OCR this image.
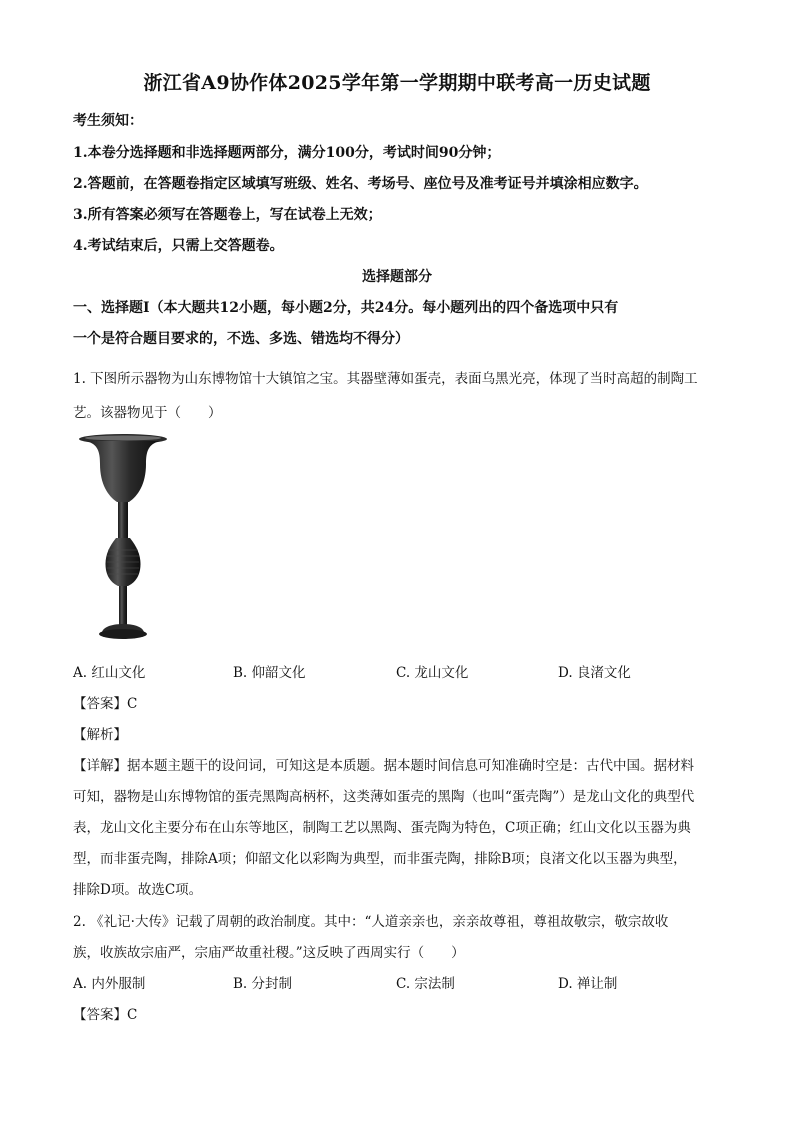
浙江省A9协作体2025学年第一学期期中联考高一历史试题
考生须知：
1.本卷分选择题和非选择题两部分，满分100分，考试时间90分钟；
2.答题前，在答题卷指定区域填写班级、姓名、考场号、座位号及准考证号并填涂相应数字。
3.所有答案必须写在答题卷上，写在试卷上无效；
4.考试结束后，只需上交答题卷。
选择题部分
一、选择题Ⅰ（本大题共12小题，每小题2分，共24分。每小题列出的四个备选项中只有
一个是符合题目要求的，不选、多选、错选均不得分）
1. 下图所示器物为山东博物馆十大镇馆之宝。其器壁薄如蛋壳，表面乌黑光亮，体现了当时高超的制陶工
艺。该器物见于（　　）
A. 红山文化	B. 仰韶文化	C. 龙山文化	D. 良渚文化
【答案】C
【解析】
【详解】据本题主题干的设问词，可知这是本质题。据本题时间信息可知准确时空是：古代中国。据材料
可知，器物是山东博物馆的蛋壳黑陶高柄杯，这类薄如蛋壳的黑陶（也叫“蛋壳陶”）是龙山文化的典型代
表，龙山文化主要分布在山东等地区，制陶工艺以黑陶、蛋壳陶为特色，C项正确；红山文化以玉器为典
型，而非蛋壳陶，排除A项；仰韶文化以彩陶为典型，而非蛋壳陶，排除B项；良渚文化以玉器为典型，
排除D项。故选C项。
2. 《礼记·大传》记载了周朝的政治制度。其中：“人道亲亲也，亲亲故尊祖，尊祖故敬宗，敬宗故收
族，收族故宗庙严，宗庙严故重社稷。”这反映了西周实行（　　）
A. 内外服制	B. 分封制	C. 宗法制	D. 禅让制
【答案】C
